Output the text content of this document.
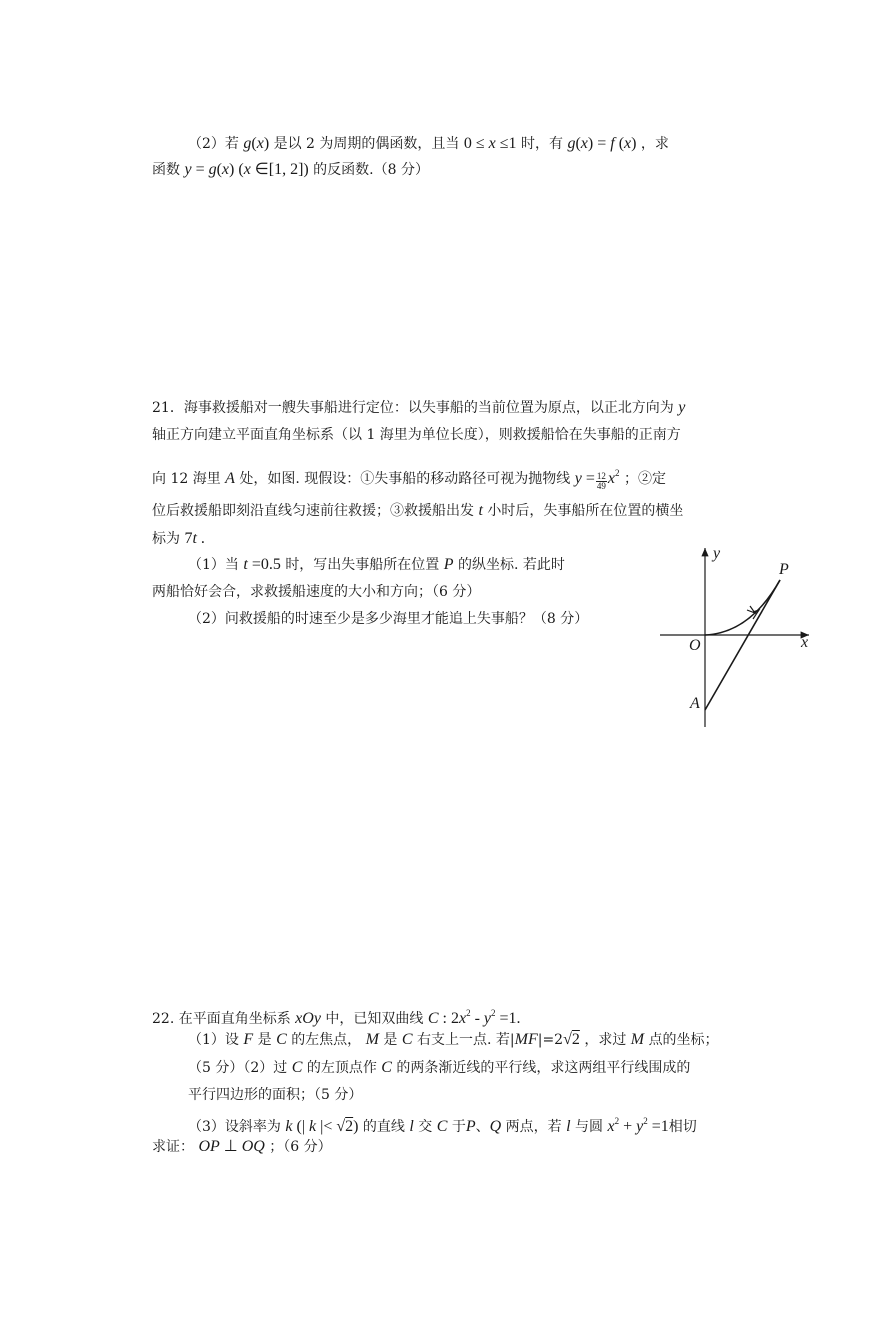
（2）若 g(x) 是以 2 为周期的偶函数，且当 0 ≤ x ≤1 时，有 g(x) = f (x) ，求
函数 y = g(x) (x ∈[1, 2]) 的反函数.（8 分）
21．海事救援船对一艘失事船进行定位：以失事船的当前位置为原点，以正北方向为 y
轴正方向建立平面直角坐标系（以 1 海里为单位长度），则救援船恰在失事船的正南方
向 12 海里 A 处，如图. 现假设：①失事船的移动路径可视为抛物线 $y = \frac{12}{49} x^2$ ；②定
位后救援船即刻沿直线匀速前往救援；③救援船出发 t 小时后，失事船所在位置的横坐
标为 7t .
（1）当 t =0.5 时，写出失事船所在位置 P 的纵坐标. 若此时
两船恰好会合，求救援船速度的大小和方向；（6 分）
（2）问救援船的时速至少是多少海里才能追上失事船？（8 分）
y
x
P
O
A
22. 在平面直角坐标系 xOy 中，已知双曲线 C : $2x^2 - y^2 =1$.
（1）设 F 是 C 的左焦点， M 是 C 右支上一点. 若|MF|=2√2 ，求过 M 点的坐标；
（5 分）（2）过 C 的左顶点作 C 的两条渐近线的平行线，求这两组平行线围成的
平行四边形的面积；（5 分）
（3）设斜率为 k (| k |< √2) 的直线 l 交 C 于P、Q 两点，若 l 与圆 $x^2 + y^2 =1$相切
求证： OP ⊥ OQ ；（6 分）
